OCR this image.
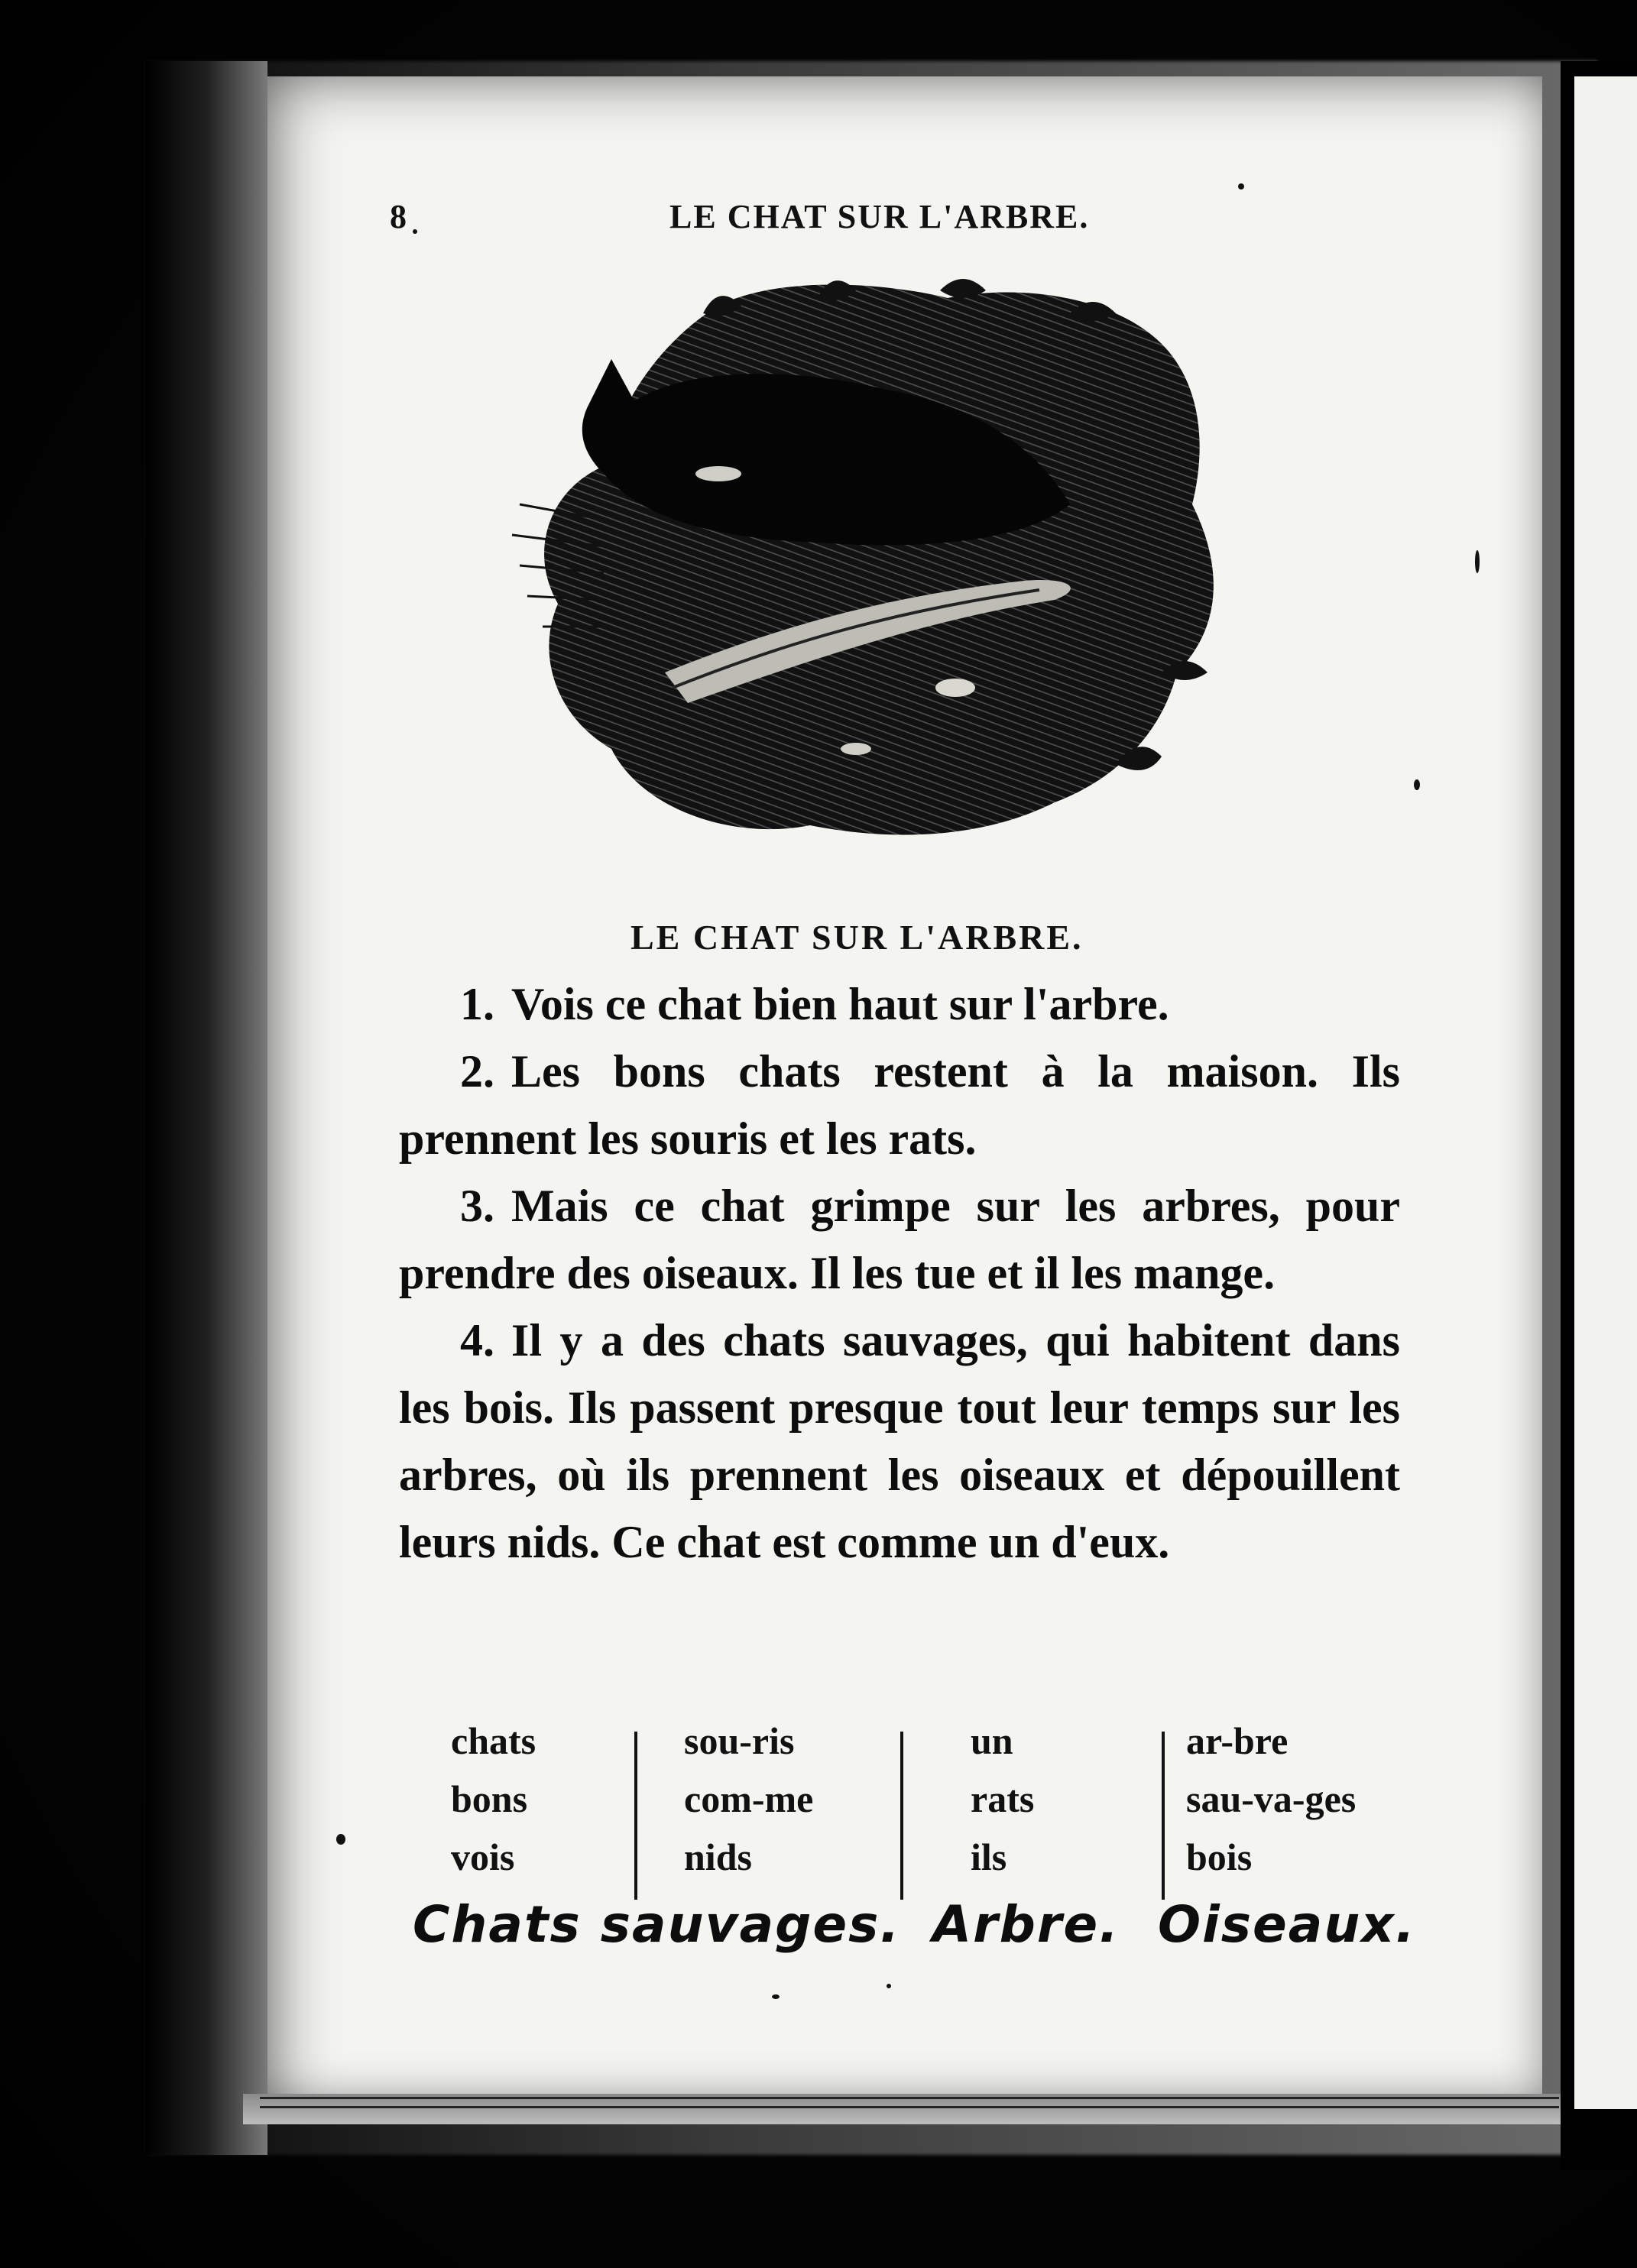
8	LE CHAT SUR L'ARBRE.
LE CHAT SUR L'ARBRE.

1. Vois ce chat bien haut sur l'arbre.

2. Les bons chats restent à la maison. Ils prennent les souris et les rats.

3. Mais ce chat grimpe sur les arbres, pour prendre des oiseaux. Il les tue et il les mange.

4. Il y a des chats sauvages, qui habitent dans les bois. Ils passent presque tout leur temps sur les arbres, où ils prennent les oiseaux et dépouillent leurs nids. Ce chat est comme un d'eux.

chats
bons
vois
sou-ris
com-me
nids
un
rats
ils
ar-bre
sau-va-ges
bois
Chats sauvages. Arbre. Oiseaux.
